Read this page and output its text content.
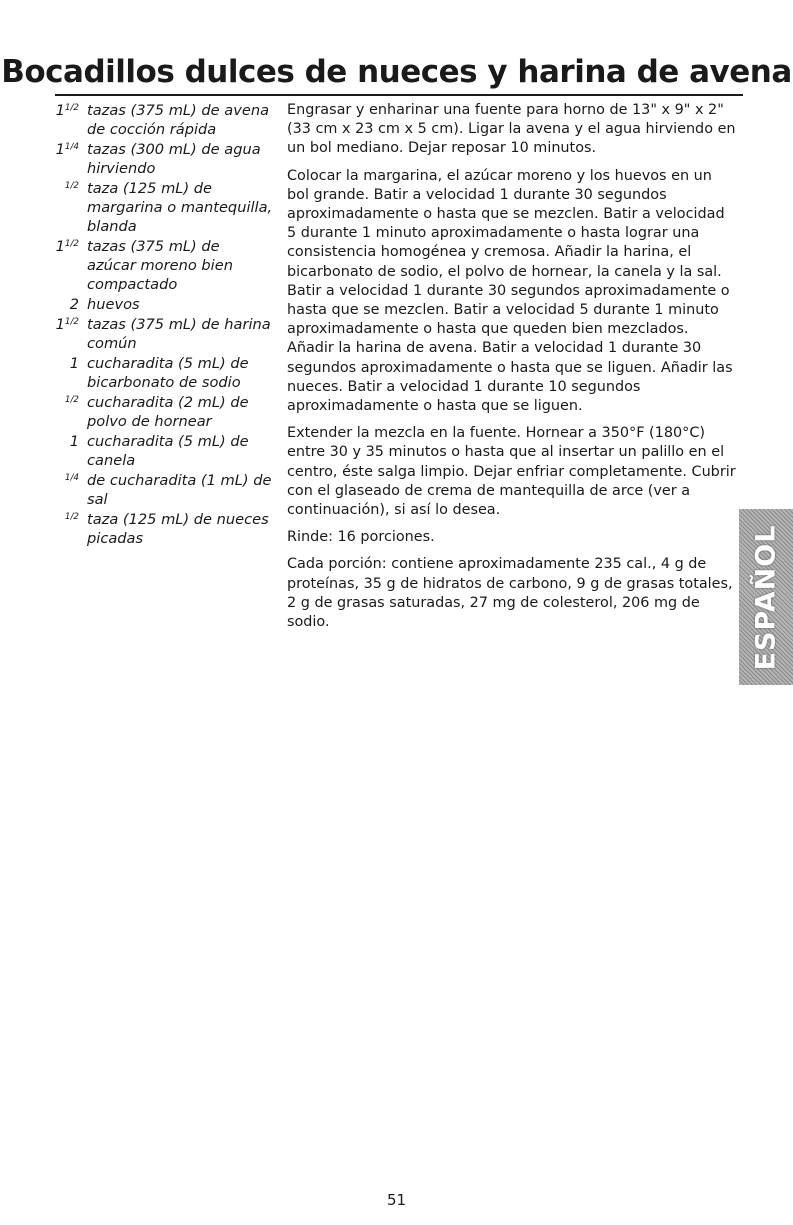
Bocadillos dulces de nueces y harina de avena
$1^{1/2}$ tazas (375 mL) de avena de cocción rápida
$1^{1/4}$ tazas (300 mL) de agua hirviendo
$^{1/2}$ taza (125 mL) de margarina o mantequilla, blanda
$1^{1/2}$ tazas (375 mL) de azúcar moreno bien compactado
2 huevos
$1^{1/2}$ tazas (375 mL) de harina común
1 cucharadita (5 mL) de bicarbonato de sodio
$^{1/2}$ cucharadita (2 mL) de polvo de hornear
1 cucharadita (5 mL) de canela
$^{1/4}$ de cucharadita (1 mL) de sal
$^{1/2}$ taza (125 mL) de nueces picadas

Engrasar y enharinar una fuente para horno de 13" x 9" x 2" (33 cm x 23 cm x 5 cm). Ligar la avena y el agua hirviendo en un bol mediano. Dejar reposar 10 minutos.

Colocar la margarina, el azúcar moreno y los huevos en un bol grande. Batir a velocidad 1 durante 30 segundos aproximadamente o hasta que se mezclen. Batir a velocidad 5 durante 1 minuto aproximadamente o hasta lograr una consistencia homogénea y cremosa. Añadir la harina, el bicarbonato de sodio, el polvo de hornear, la canela y la sal. Batir a velocidad 1 durante 30 segundos aproximadamente o hasta que se mezclen. Batir a velocidad 5 durante 1 minuto aproximadamente o hasta que queden bien mezclados. Añadir la harina de avena. Batir a velocidad 1 durante 30 segundos aproximadamente o hasta que se liguen. Añadir las nueces. Batir a velocidad 1 durante 10 segundos aproximadamente o hasta que se liguen.

Extender la mezcla en la fuente. Hornear a 350°F (180°C) entre 30 y 35 minutos o hasta que al insertar un palillo en el centro, éste salga limpio. Dejar enfriar completamente. Cubrir con el glaseado de crema de mantequilla de arce (ver a continuación), si así lo desea.

Rinde: 16 porciones.

Cada porción: contiene aproximadamente 235 cal., 4 g de proteínas, 35 g de hidratos de carbono, 9 g de grasas totales, 2 g de grasas saturadas, 27 mg de colesterol, 206 mg de sodio.	ESPAÑOL
51
